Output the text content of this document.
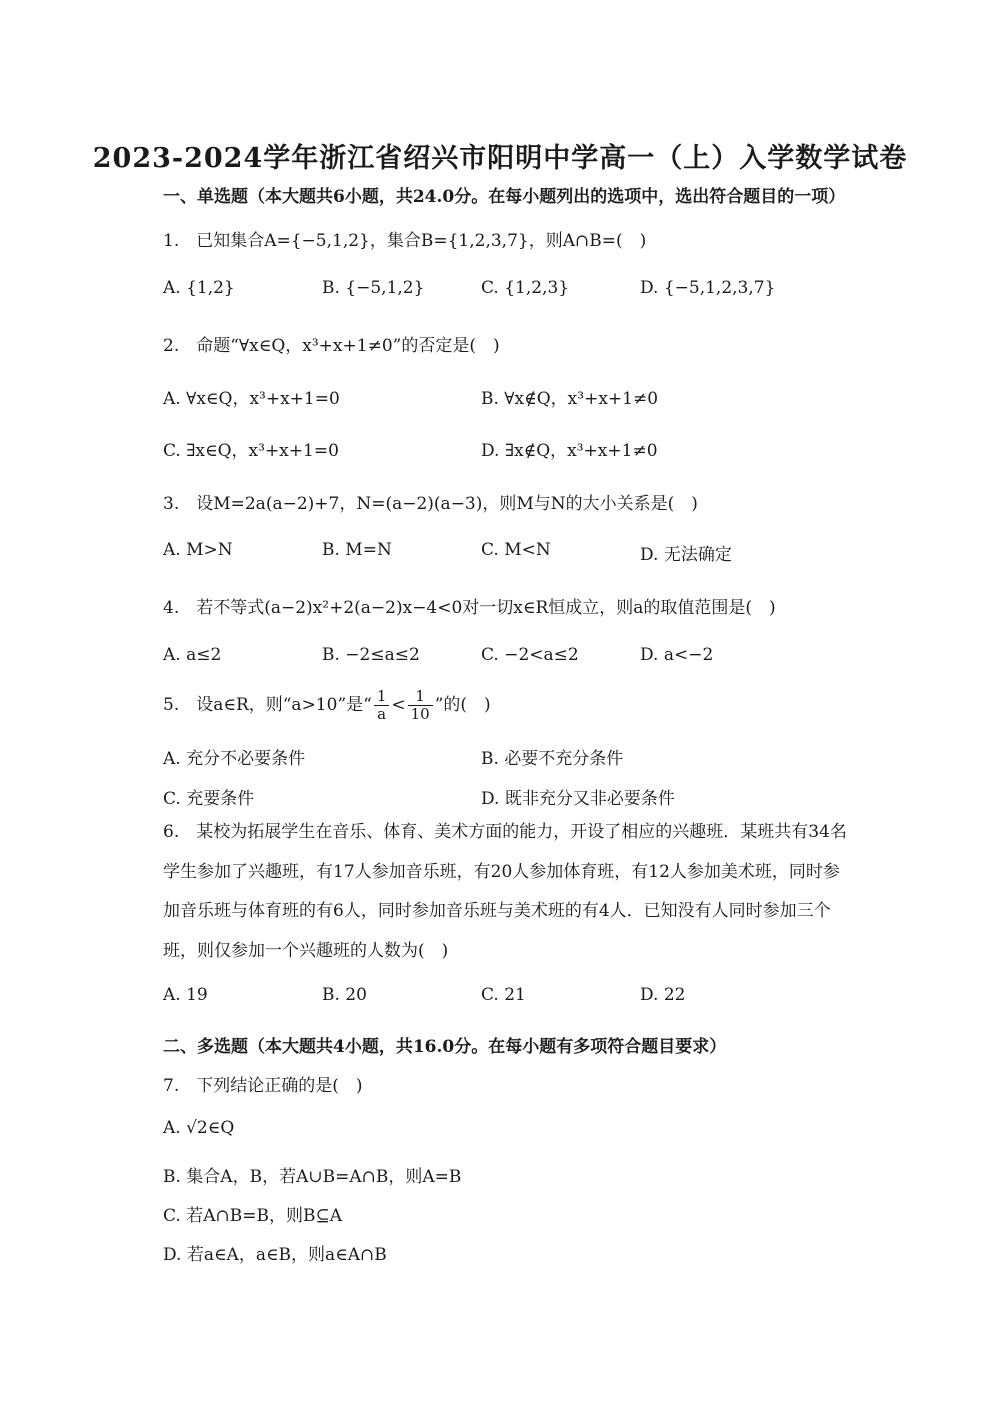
2023-2024学年浙江省绍兴市阳明中学高一（上）入学数学试卷
一、单选题（本大题共6小题，共24.0分。在每小题列出的选项中，选出符合题目的一项）
1.　已知集合A={−5,1,2}，集合B={1,2,3,7}，则A∩B=(　)
A. {1,2}	B. {−5,1,2}	C. {1,2,3}	D. {−5,1,2,3,7}
2.　命题“∀x∈Q，x³+x+1≠0”的否定是(　)
A. ∀x∈Q，x³+x+1=0	B. ∀x∉Q，x³+x+1≠0
C. ∃x∈Q，x³+x+1=0	D. ∃x∉Q，x³+x+1≠0
3.　设M=2a(a−2)+7，N=(a−2)(a−3)，则M与N的大小关系是(　)
A. M>N	B. M=N	C. M<N	D. 无法确定
4.　若不等式(a−2)x²+2(a−2)x−4<0对一切x∈R恒成立，则a的取值范围是(　)
A. a≤2	B. −2≤a≤2	C. −2<a≤2	D. a<−2
5.　设a∈R，则“a>10”是“ $\frac{1}{a} < \frac{1}{10}$ ”的(　)
A. 充分不必要条件	B. 必要不充分条件
C. 充要条件	D. 既非充分又非必要条件
6.　某校为拓展学生在音乐、体育、美术方面的能力，开设了相应的兴趣班．某班共有34名
学生参加了兴趣班，有17人参加音乐班，有20人参加体育班，有12人参加美术班，同时参
加音乐班与体育班的有6人，同时参加音乐班与美术班的有4人．已知没有人同时参加三个
班，则仅参加一个兴趣班的人数为(　)
A. 19	B. 20	C. 21	D. 22
二、多选题（本大题共4小题，共16.0分。在每小题有多项符合题目要求）
7.　下列结论正确的是(　)
A. √2∈Q
B. 集合A，B，若A∪B=A∩B，则A=B
C. 若A∩B=B，则B⊆A
D. 若a∈A，a∈B，则a∈A∩B
